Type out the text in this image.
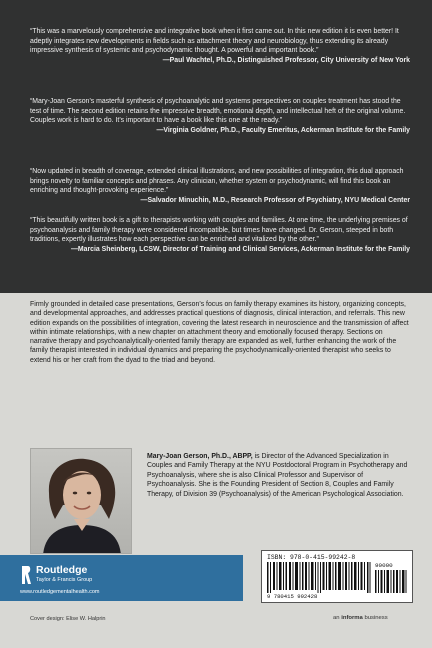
“This was a marvelously comprehensive and integrative book when it first came out. In this new edition it is even better! It adeptly integrates new developments in fields such as attachment theory and neurobiology, thus extending its already impressive synthesis of systemic and psychodynamic thought. A powerful and important book.”
—Paul Wachtel, Ph.D., Distinguished Professor, City University of New York
“Mary-Joan Gerson’s masterful synthesis of psychoanalytic and systems perspectives on couples treatment has stood the test of time. The second edition retains the impressive breadth, emotional depth, and intellectual heft of the original volume. Couples work is hard to do. It’s important to have a book like this one at the ready.”
—Virginia Goldner, Ph.D., Faculty Emeritus, Ackerman Institute for the Family
“Now updated in breadth of coverage, extended clinical illustrations, and new possibilities of integration, this dual approach brings novelty to familiar concepts and phrases. Any clinician, whether system or psychodynamic, will find this book an enriching and thought-provoking experience.”
—Salvador Minuchin, M.D., Research Professor of Psychiatry, NYU Medical Center
“This beautifully written book is a gift to therapists working with couples and families. At one time, the underlying premises of psychoanalysis and family therapy were considered incompatible, but times have changed. Dr. Gerson, steeped in both traditions, expertly illustrates how each perspective can be enriched and vitalized by the other.”
—Marcia Sheinberg, LCSW, Director of Training and Clinical Services, Ackerman Institute for the Family

Firmly grounded in detailed case presentations, Gerson’s focus on family therapy examines its history, organizing concepts, and developmental approaches, and addresses practical questions of diagnosis, clinical interaction, and referrals. This new edition expands on the possibilities of integration, covering the latest research in neuroscience and the transmission of affect within intimate relationships, with a new chapter on attachment theory and emotionally focused therapy. Sections on narrative therapy and psychoanalytically-oriented family therapy are expanded as well, further enhancing the work of the family therapist interested in individual dynamics and preparing the psychodynamically-oriented therapist who seeks to extend his or her craft from the dyad to the triad and beyond.

Mary-Joan Gerson, Ph.D., ABPP, is Director of the Advanced Specialization in Couples and Family Therapy at the NYU Postdoctoral Program in Psychotherapy and Psychoanalysis, where she is also Clinical Professor and Supervisor of Psychoanalysis. She is the Founding President of Section 8, Couples and Family Therapy, of Division 39 (Psychoanalysis) of the American Psychological Association.

Routledge
Taylor & Francis Group
www.routledgementalhealth.com
ISBN: 978-0-415-99242-8
90000
9 780415 992428
Cover design: Elise W. Halprin	an informa business
